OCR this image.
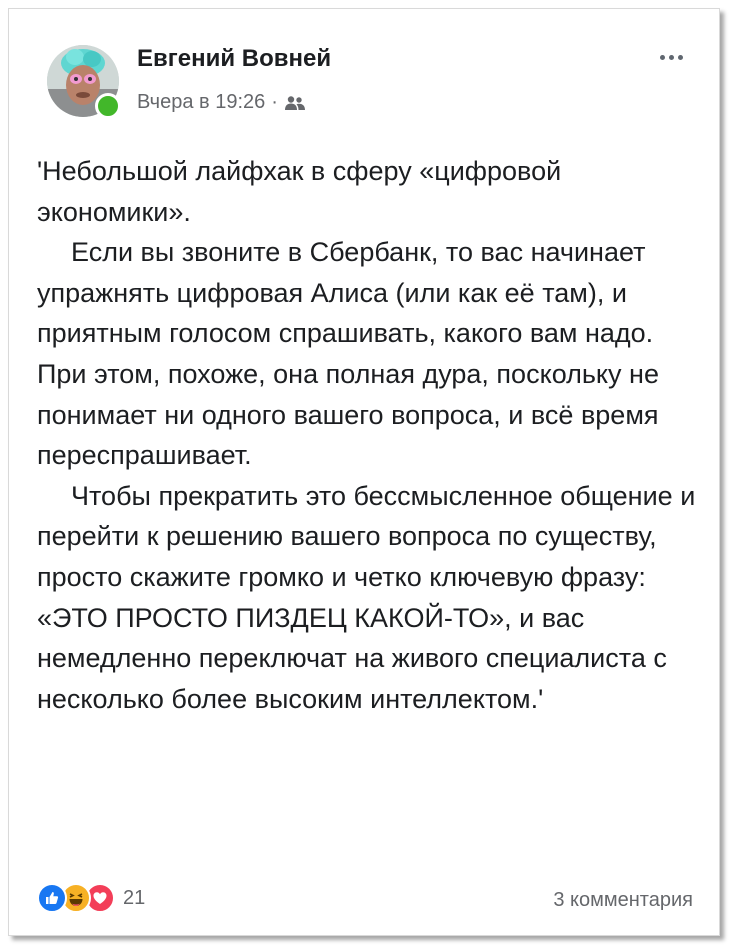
Евгений Вовней
Вчера в 19:26 ·

'Небольшой лайфхак в сферу «цифровой экономики».

Если вы звоните в Сбербанк, то вас начинает упражнять цифровая Алиса (или как её там), и приятным голосом спрашивать, какого вам надо. При этом, похоже, она полная дура, поскольку не понимает ни одного вашего вопроса, и всё время переспрашивает.

Чтобы прекратить это бессмысленное общение и перейти к решению вашего вопроса по существу, просто скажите громко и четко ключевую фразу: «ЭТО ПРОСТО ПИЗДЕЦ КАКОЙ-ТО», и вас немедленно переключат на живого специалиста с несколько более высоким интеллектом.'

21	3 комментария
